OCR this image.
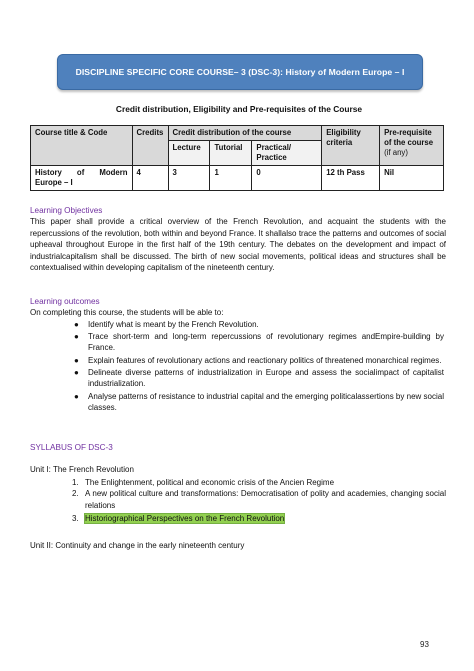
DISCIPLINE SPECIFIC CORE COURSE– 3 (DSC-3): History of Modern Europe – I
Credit distribution, Eligibility and Pre-requisites of the Course
Course title & Code	Credits	Credit distribution of the course			Eligibility criteria	Pre-requisite of the course
(if any)
		Lecture	Tutorial	Practical/ Practice		
History of Modern Europe – I	4	3	1	0	12 th Pass	Nil
Learning Objectives
This paper shall provide a critical overview of the French Revolution, and acquaint the students with the repercussions of the revolution, both within and beyond France. It shallalso trace the patterns and outcomes of social upheaval throughout Europe in the first half of the 19th century. The debates on the development and impact of industrialcapitalism shall be discussed. The birth of new social movements, political ideas and structures shall be contextualised within developing capitalism of the nineteenth century.
Learning outcomes
On completing this course, the students will be able to:
● Identify what is meant by the French Revolution.
● Trace short-term and long-term repercussions of revolutionary regimes andEmpire-building by France.
● Explain features of revolutionary actions and reactionary politics of threatened monarchical regimes.
● Delineate diverse patterns of industrialization in Europe and assess the socialimpact of capitalist industrialization.
● Analyse patterns of resistance to industrial capital and the emerging politicalassertions by new social classes.
SYLLABUS OF DSC-3
Unit I: The French Revolution
1. The Enlightenment, political and economic crisis of the Ancien Regime
2. A new political culture and transformations: Democratisation of polity and academies, changing social relations
3. Historiographical Perspectives on the French Revolution
Unit II: Continuity and change in the early nineteenth century
93
